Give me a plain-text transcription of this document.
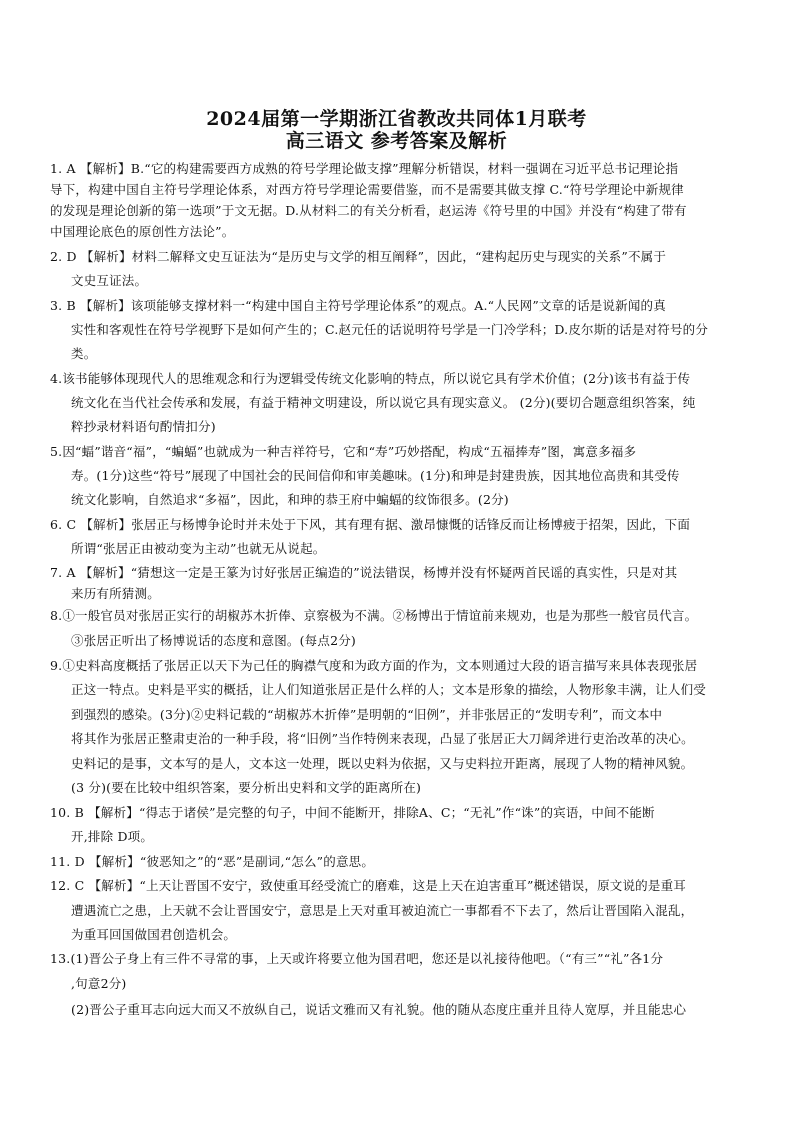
2024届第一学期浙江省教改共同体1月联考
高三语文 参考答案及解析
1. A 【解析】B.“它的构建需要西方成熟的符号学理论做支撑”理解分析错误，材料一强调在习近平总书记理论指
导下，构建中国自主符号学理论体系，对西方符号学理论需要借鉴，而不是需要其做支撑 C.“符号学理论中新规律
的发现是理论创新的第一选项”于文无据。D.从材料二的有关分析看，赵运涛《符号里的中国》并没有“构建了带有
中国理论底色的原创性方法论”。
2. D 【解析】材料二解释文史互证法为“是历史与文学的相互阐释”，因此，“建构起历史与现实的关系”不属于
文史互证法。
3. B 【解析】该项能够支撑材料一“构建中国自主符号学理论体系”的观点。A.“人民网”文章的话是说新闻的真
实性和客观性在符号学视野下是如何产生的；C.赵元任的话说明符号学是一门冷学科；D.皮尔斯的话是对符号的分
类。
4.该书能够体现现代人的思维观念和行为逻辑受传统文化影响的特点，所以说它具有学术价值；(2分)该书有益于传
统文化在当代社会传承和发展，有益于精神文明建设，所以说它具有现实意义。 (2分)(要切合题意组织答案，纯
粹抄录材料语句酌情扣分)
5.因“蝠”谐音“福”，“蝙蝠”也就成为一种吉祥符号，它和“寿”巧妙搭配，构成“五福捧寿”图，寓意多福多
寿。(1分)这些“符号”展现了中国社会的民间信仰和审美趣味。(1分)和珅是封建贵族，因其地位高贵和其受传
统文化影响，自然追求“多福”，因此，和珅的恭王府中蝙蝠的纹饰很多。(2分)
6. C 【解析】张居正与杨博争论时并未处于下风，其有理有据、激昂慷慨的话锋反而让杨博疲于招架，因此，下面
所谓“张居正由被动变为主动”也就无从说起。
7. A 【解析】“猜想这一定是王篆为讨好张居正编造的”说法错误，杨博并没有怀疑两首民谣的真实性，只是对其
来历有所猜测。
8.①一般官员对张居正实行的胡椒苏木折俸、京察极为不满。②杨博出于情谊前来规劝，也是为那些一般官员代言。
③张居正听出了杨博说话的态度和意图。(每点2分)
9.①史料高度概括了张居正以天下为己任的胸襟气度和为政方面的作为，文本则通过大段的语言描写来具体表现张居
正这一特点。史料是平实的概括，让人们知道张居正是什么样的人；文本是形象的描绘，人物形象丰满，让人们受
到强烈的感染。(3分)②史料记载的“胡椒苏木折俸”是明朝的“旧例”，并非张居正的“发明专利”，而文本中
将其作为张居正整肃吏治的一种手段，将“旧例”当作特例来表现，凸显了张居正大刀阔斧进行吏治改革的决心。
史料记的是事，文本写的是人，文本这一处理，既以史料为依据，又与史料拉开距离，展现了人物的精神风貌。
(3 分)(要在比较中组织答案，要分析出史料和文学的距离所在)
10. B 【解析】“得志于诸侯”是完整的句子，中间不能断开，排除A、C；“无礼”作“诛”的宾语，中间不能断
开,排除 D项。
11. D 【解析】“彼恶知之”的“恶”是副词,“怎么”的意思。
12. C 【解析】“上天让晋国不安宁，致使重耳经受流亡的磨难，这是上天在迫害重耳”概述错误，原文说的是重耳
遭遇流亡之患，上天就不会让晋国安宁，意思是上天对重耳被迫流亡一事都看不下去了，然后让晋国陷入混乱，
为重耳回国做国君创造机会。
13.(1)晋公子身上有三件不寻常的事，上天或许将要立他为国君吧，您还是以礼接待他吧。（“有三”“礼”各1分
,句意2分)
(2)晋公子重耳志向远大而又不放纵自己，说话文雅而又有礼貌。他的随从态度庄重并且待人宽厚，并且能忠心
